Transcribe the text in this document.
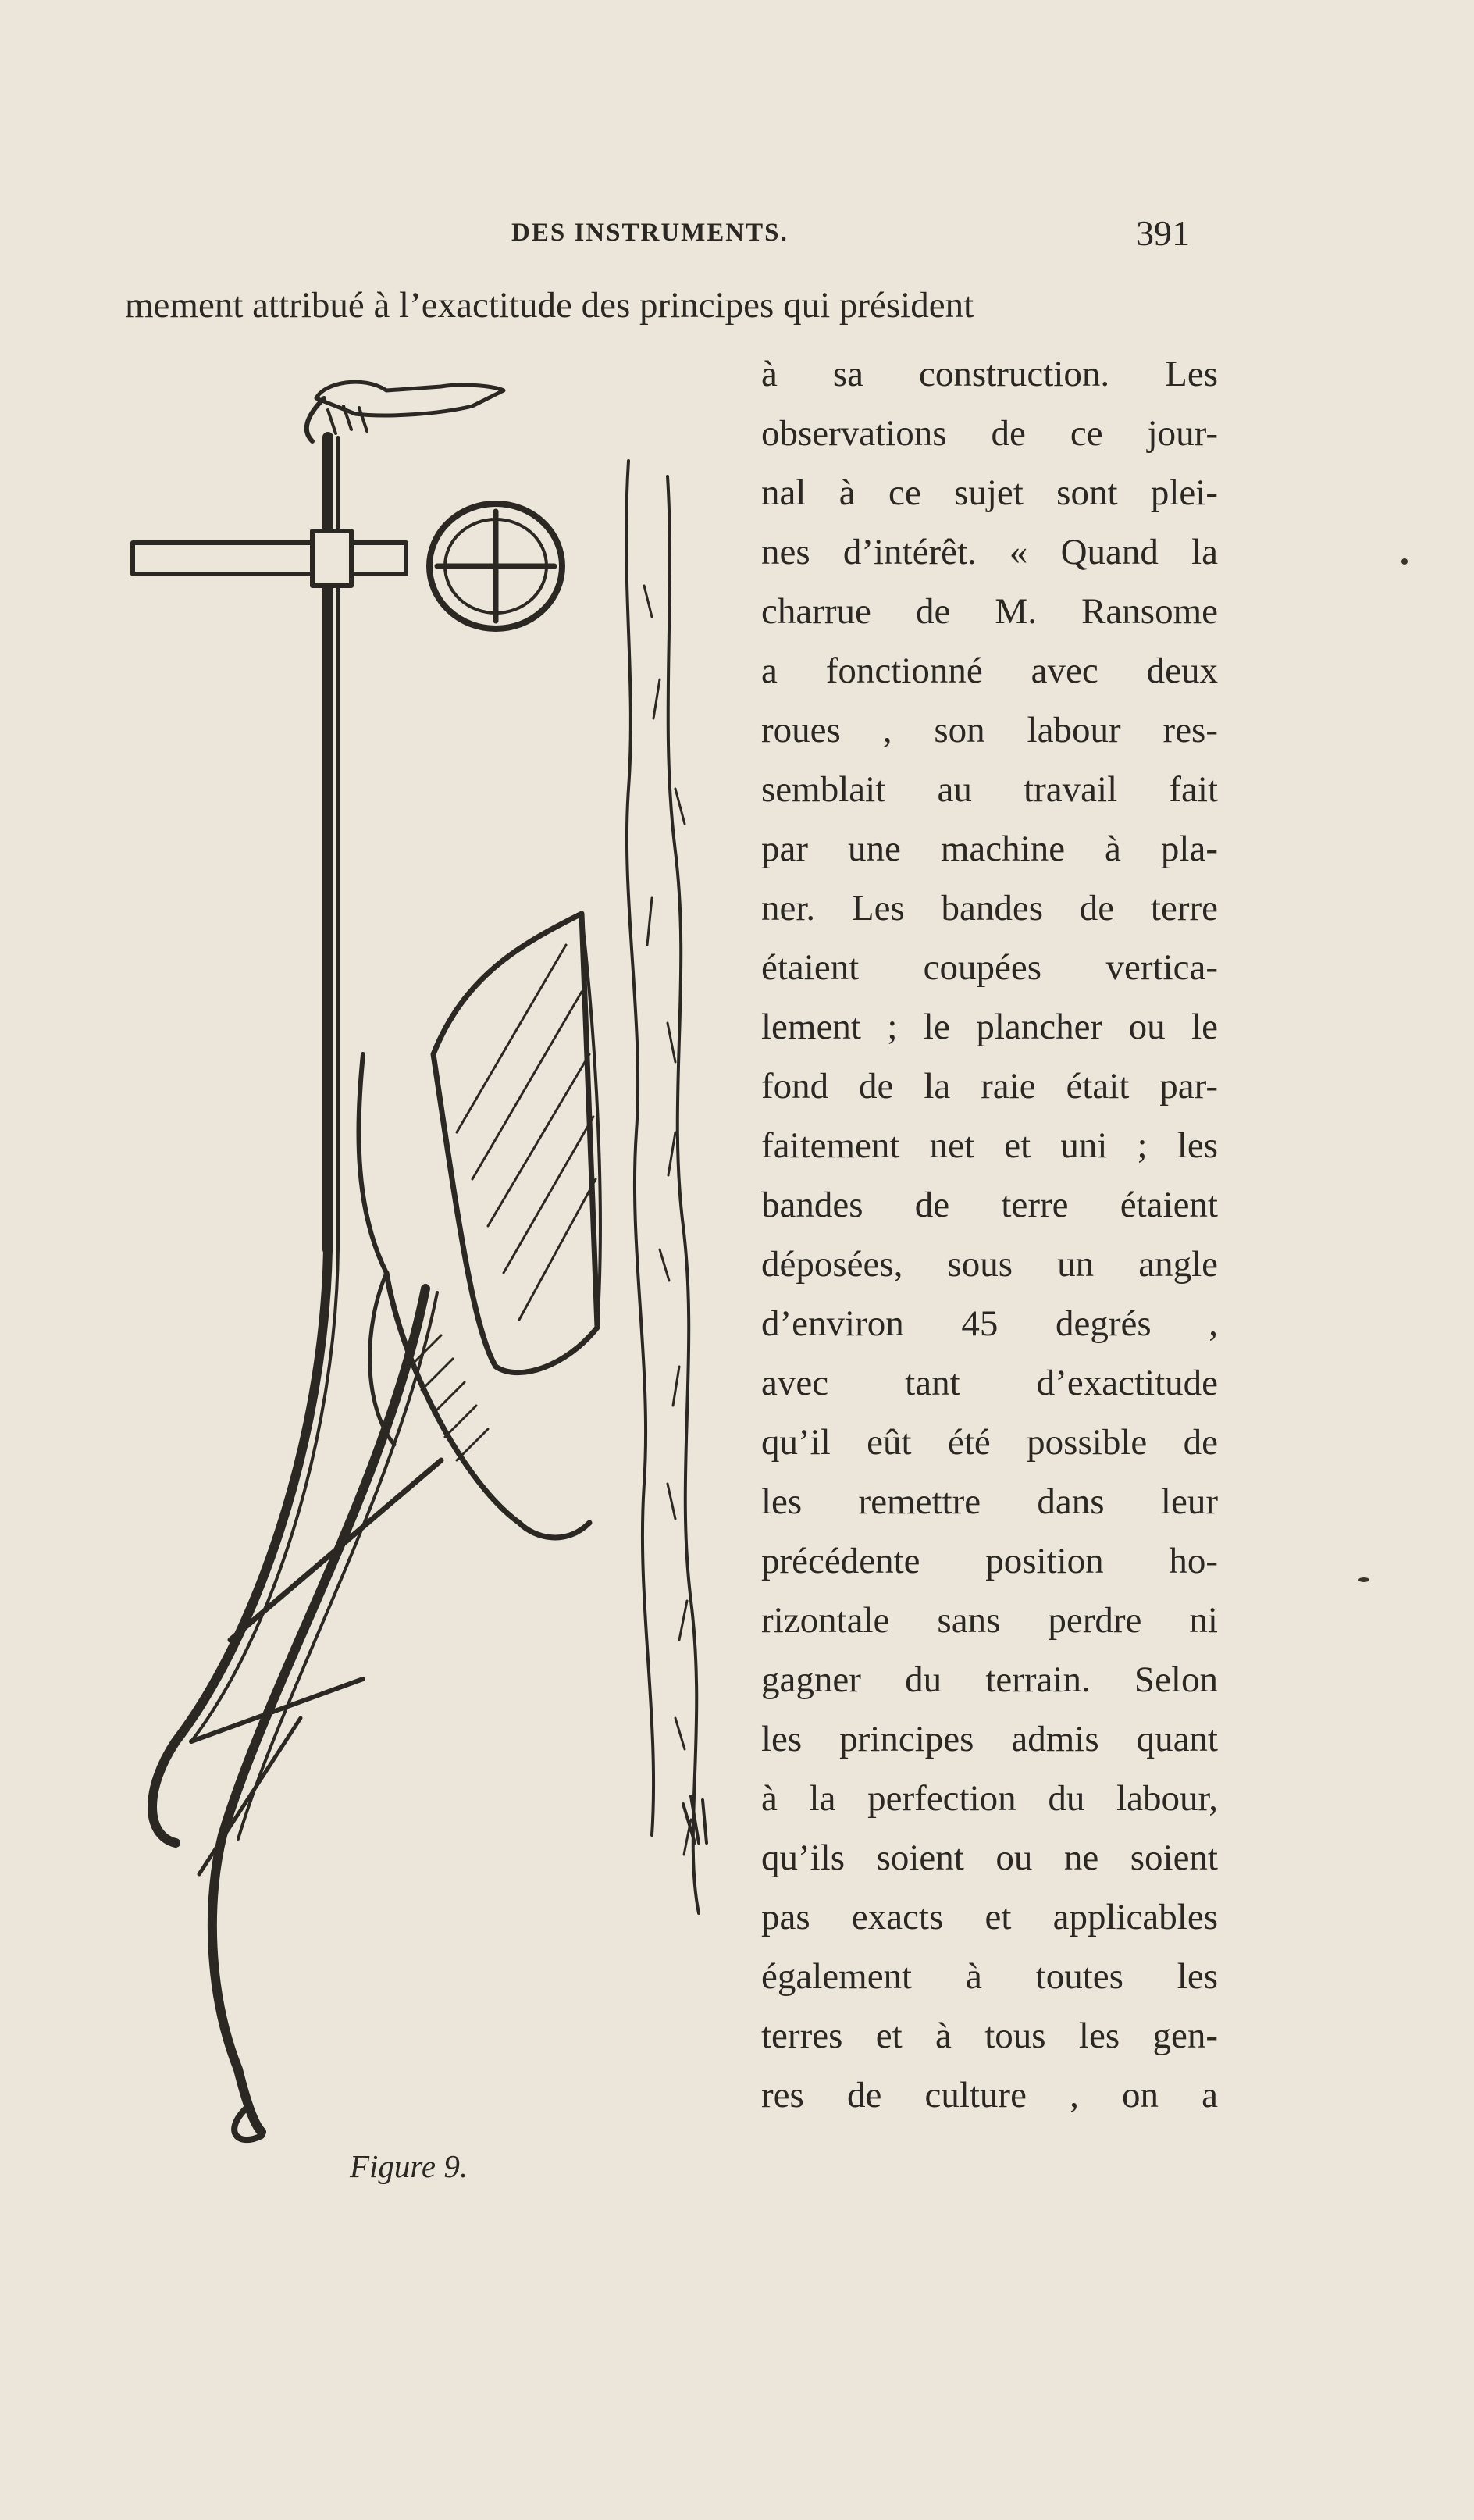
DES INSTRUMENTS.	391
mement attribué à l’exactitude des principes qui président
à sa construction. Les
observations de ce jour-
nal à ce sujet sont plei-
nes d’intérêt. « Quand la
charrue de M. Ransome
a fonctionné avec deux
roues , son labour res-
semblait au travail fait
par une machine à pla-
ner. Les bandes de terre
étaient coupées vertica-
lement ; le plancher ou le
fond de la raie était par-
faitement net et uni ; les
bandes de terre étaient
déposées, sous un angle
d’environ 45 degrés ,
avec tant d’exactitude
qu’il eût été possible de
les remettre dans leur
précédente position ho-
rizontale sans perdre ni
gagner du terrain. Selon
les principes admis quant
à la perfection du labour,
qu’ils soient ou ne soient
pas exacts et applicables
également à toutes les
terres et à tous les gen-
res de culture , on a
Figure 9.
